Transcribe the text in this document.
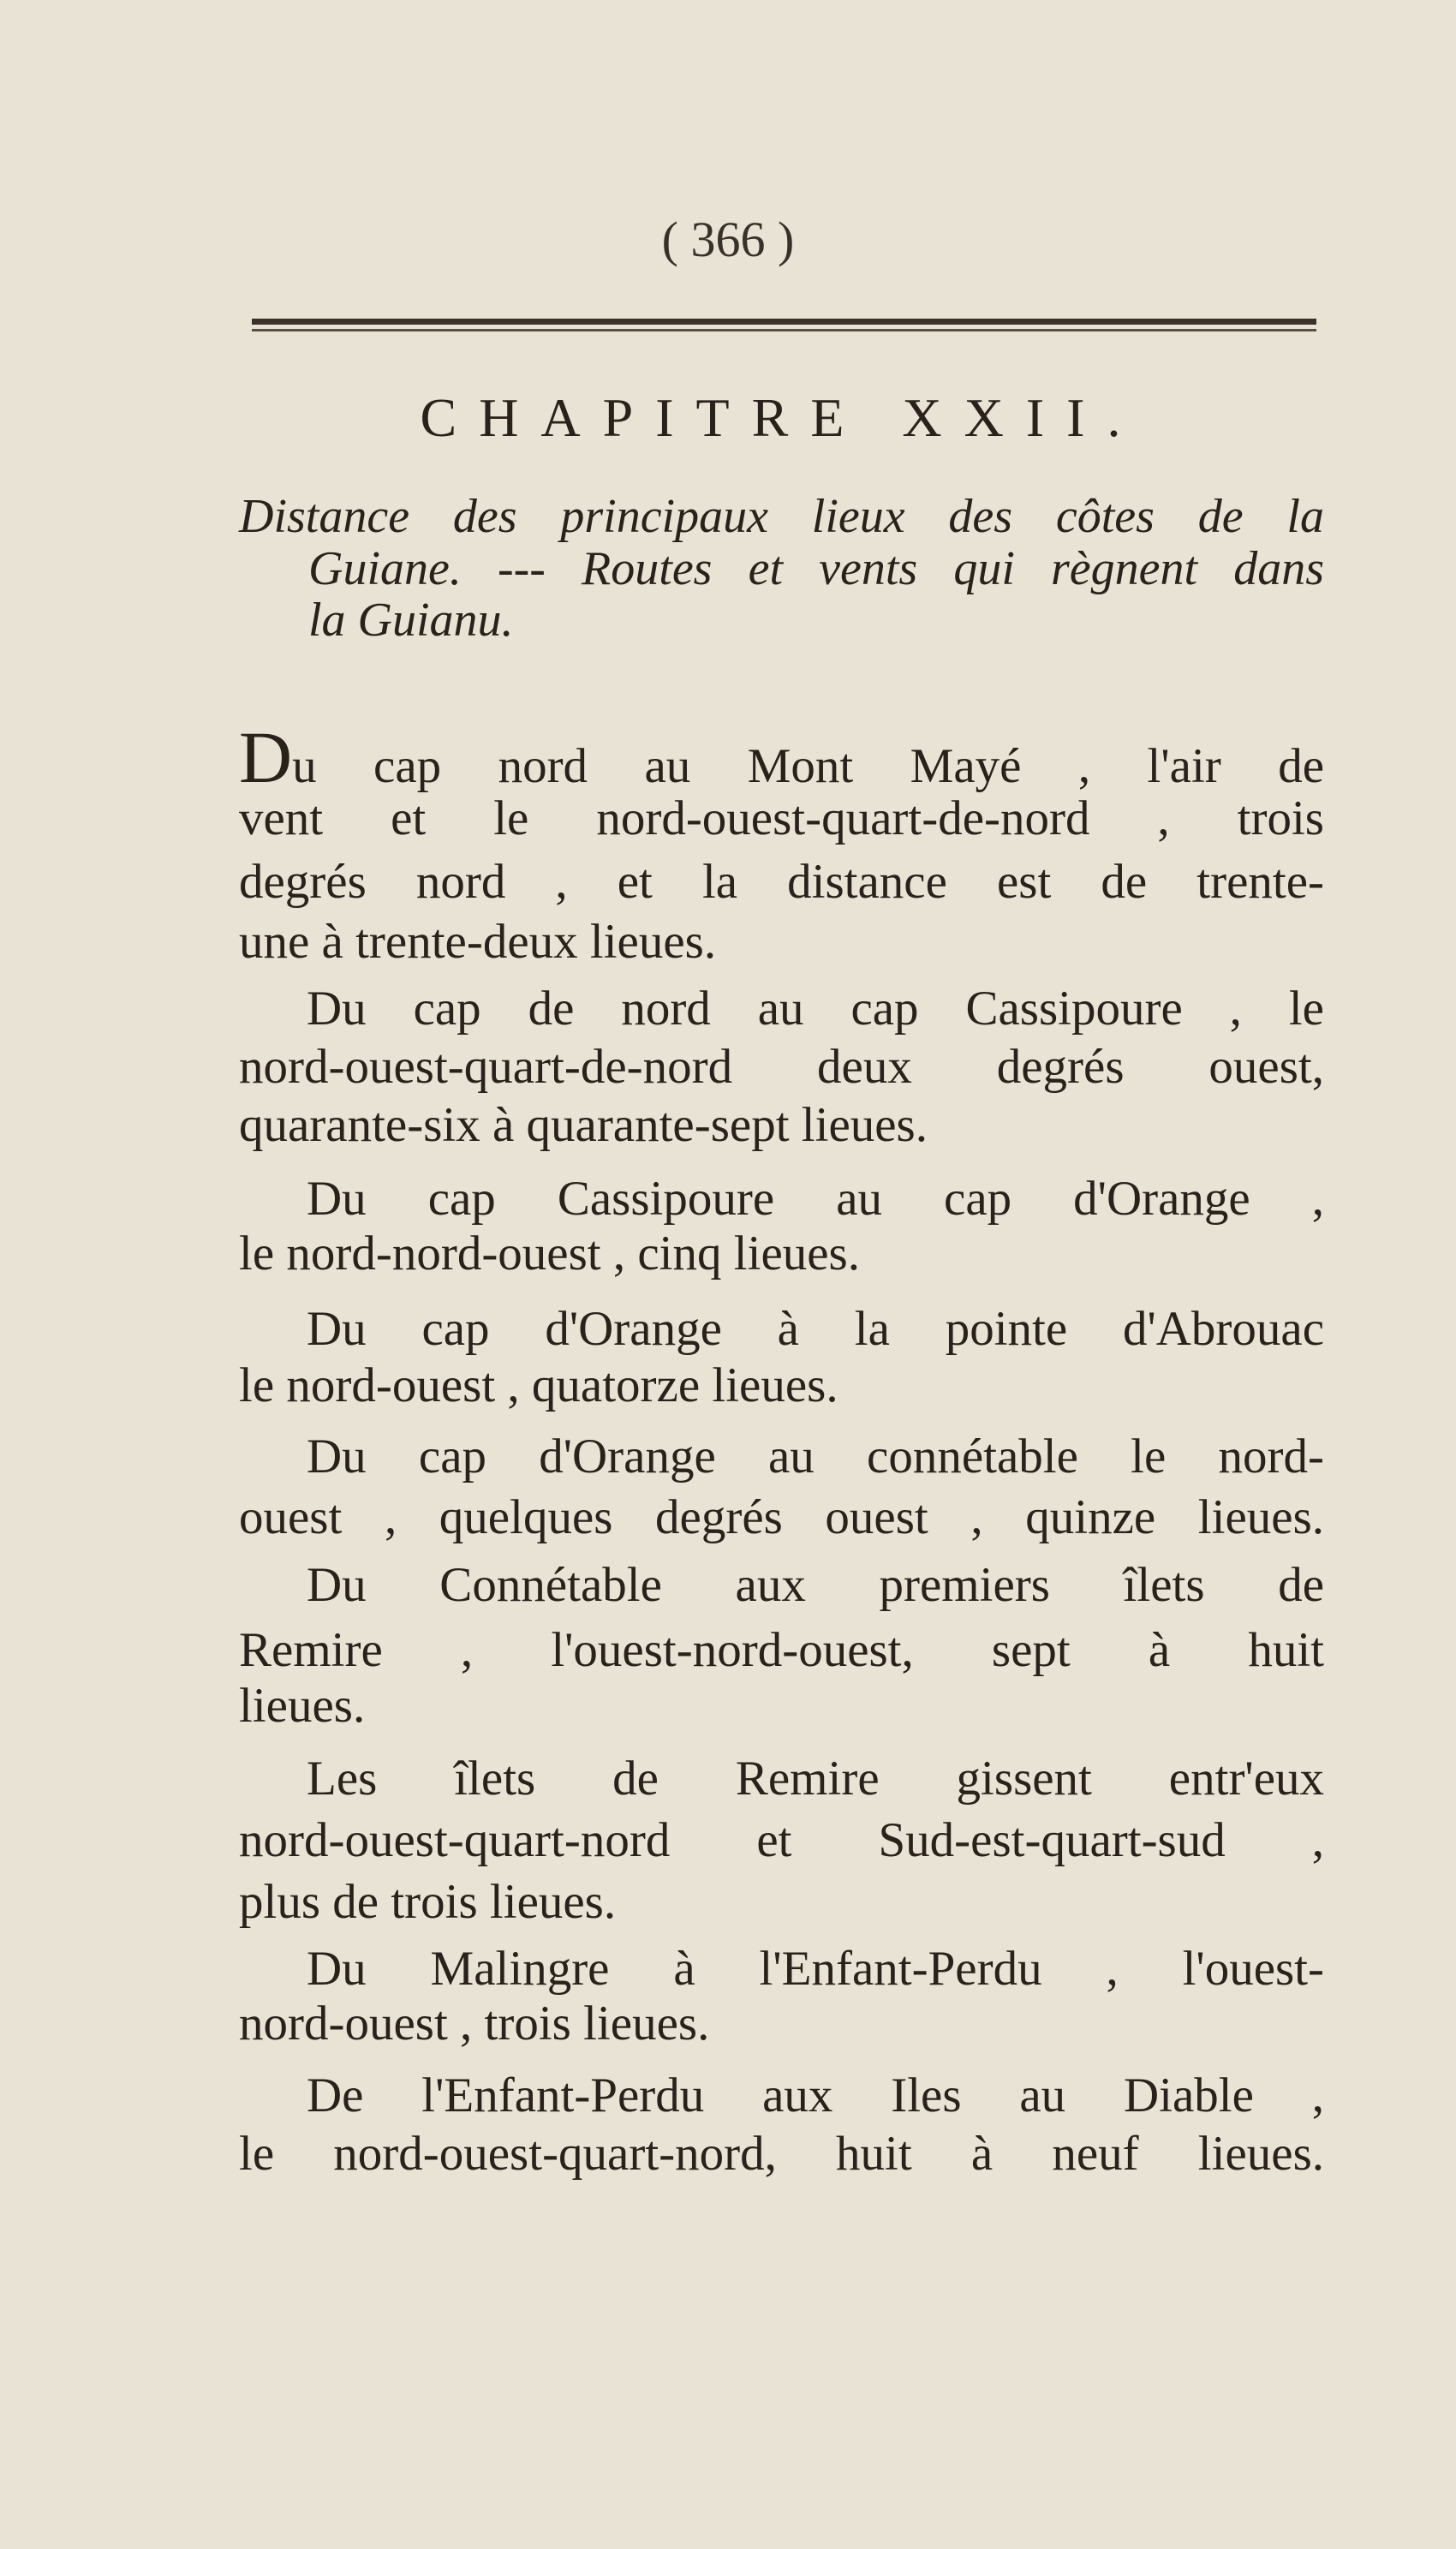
( 366 )
CHAPITRE XXII.
Distance des principaux lieux des côtes de la
Guiane. --- Routes et vents qui règnent dans
la Guianu.
Du cap nord au Mont Mayé , l'air de
vent et le nord-ouest-quart-de-nord , trois
degrés nord , et la distance est de trente-
une à trente-deux lieues.
Du cap de nord au cap Cassipoure , le
nord-ouest-quart-de-nord deux degrés ouest,
quarante-six à quarante-sept lieues.
Du cap Cassipoure au cap d'Orange ,
le nord-nord-ouest , cinq lieues.
Du cap d'Orange à la pointe d'Abrouac
le nord-ouest , quatorze lieues.
Du cap d'Orange au connétable le nord-
ouest , quelques degrés ouest , quinze lieues.
Du Connétable aux premiers îlets de
Remire , l'ouest-nord-ouest, sept à huit
lieues.
Les îlets de Remire gissent entr'eux
nord-ouest-quart-nord et Sud-est-quart-sud ,
plus de trois lieues.
Du Malingre à l'Enfant-Perdu , l'ouest-
nord-ouest , trois lieues.
De l'Enfant-Perdu aux Iles au Diable ,
le nord-ouest-quart-nord, huit à neuf lieues.
